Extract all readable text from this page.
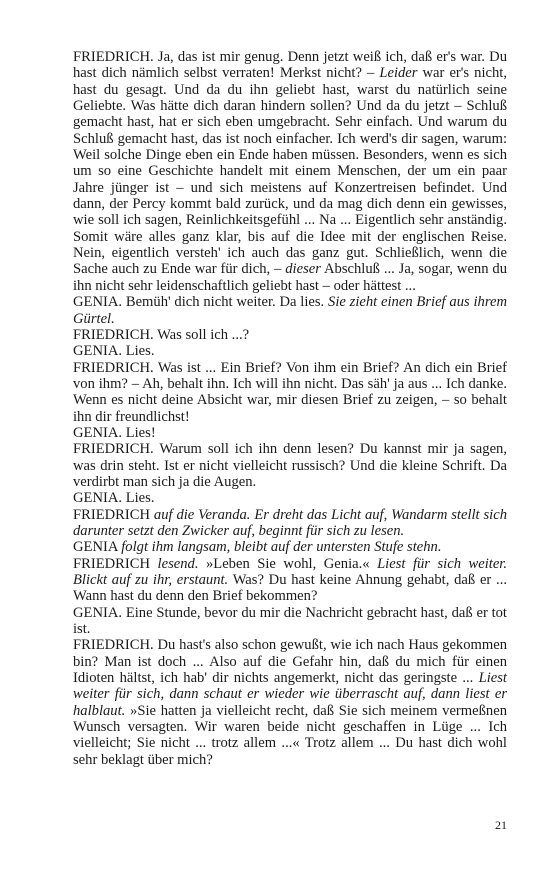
FRIEDRICH. Ja, das ist mir genug. Denn jetzt weiß ich, daß er's war. Du hast dich nämlich selbst verraten! Merkst nicht? – Leider war er's nicht, hast du gesagt. Und da du ihn geliebt hast, warst du natürlich seine Geliebte. Was hätte dich daran hindern sollen? Und da du jetzt – Schluß gemacht hast, hat er sich eben umgebracht. Sehr einfach. Und warum du Schluß gemacht hast, das ist noch einfacher. Ich werd's dir sagen, warum: Weil solche Dinge eben ein Ende haben müssen. Besonders, wenn es sich um so eine Geschichte handelt mit einem Menschen, der um ein paar Jahre jünger ist – und sich meistens auf Konzertreisen befindet. Und dann, der Percy kommt bald zurück, und da mag dich denn ein gewisses, wie soll ich sagen, Reinlichkeitsgefühl ... Na ... Eigentlich sehr anständig. Somit wäre alles ganz klar, bis auf die Idee mit der englischen Reise. Nein, eigentlich versteh' ich auch das ganz gut. Schließlich, wenn die Sache auch zu Ende war für dich, – dieser Abschluß ... Ja, sogar, wenn du ihn nicht sehr leidenschaftlich geliebt hast – oder hättest ...

GENIA. Bemüh' dich nicht weiter. Da lies. Sie zieht einen Brief aus ihrem Gürtel.

FRIEDRICH. Was soll ich ...?

GENIA. Lies.

FRIEDRICH. Was ist ... Ein Brief? Von ihm ein Brief? An dich ein Brief von ihm? – Ah, behalt ihn. Ich will ihn nicht. Das säh' ja aus ... Ich danke. Wenn es nicht deine Absicht war, mir diesen Brief zu zeigen, – so behalt ihn dir freundlichst!

GENIA. Lies!

FRIEDRICH. Warum soll ich ihn denn lesen? Du kannst mir ja sagen, was drin steht. Ist er nicht vielleicht russisch? Und die kleine Schrift. Da verdirbt man sich ja die Augen.

GENIA. Lies.

FRIEDRICH auf die Veranda. Er dreht das Licht auf, Wandarm stellt sich darunter setzt den Zwicker auf, beginnt für sich zu lesen.

GENIA folgt ihm langsam, bleibt auf der untersten Stufe stehn.

FRIEDRICH lesend. »Leben Sie wohl, Genia.« Liest für sich weiter. Blickt auf zu ihr, erstaunt. Was? Du hast keine Ahnung gehabt, daß er ... Wann hast du denn den Brief bekommen?

GENIA. Eine Stunde, bevor du mir die Nachricht gebracht hast, daß er tot ist.

FRIEDRICH. Du hast's also schon gewußt, wie ich nach Haus gekommen bin? Man ist doch ... Also auf die Gefahr hin, daß du mich für einen Idioten hältst, ich hab' dir nichts angemerkt, nicht das geringste ... Liest weiter für sich, dann schaut er wieder wie überrascht auf, dann liest er halblaut. »Sie hatten ja vielleicht recht, daß Sie sich meinem vermeßnen Wunsch versagten. Wir waren beide nicht geschaffen in Lüge ... Ich vielleicht; Sie nicht ... trotz allem ...« Trotz allem ... Du hast dich wohl sehr beklagt über mich?

21
